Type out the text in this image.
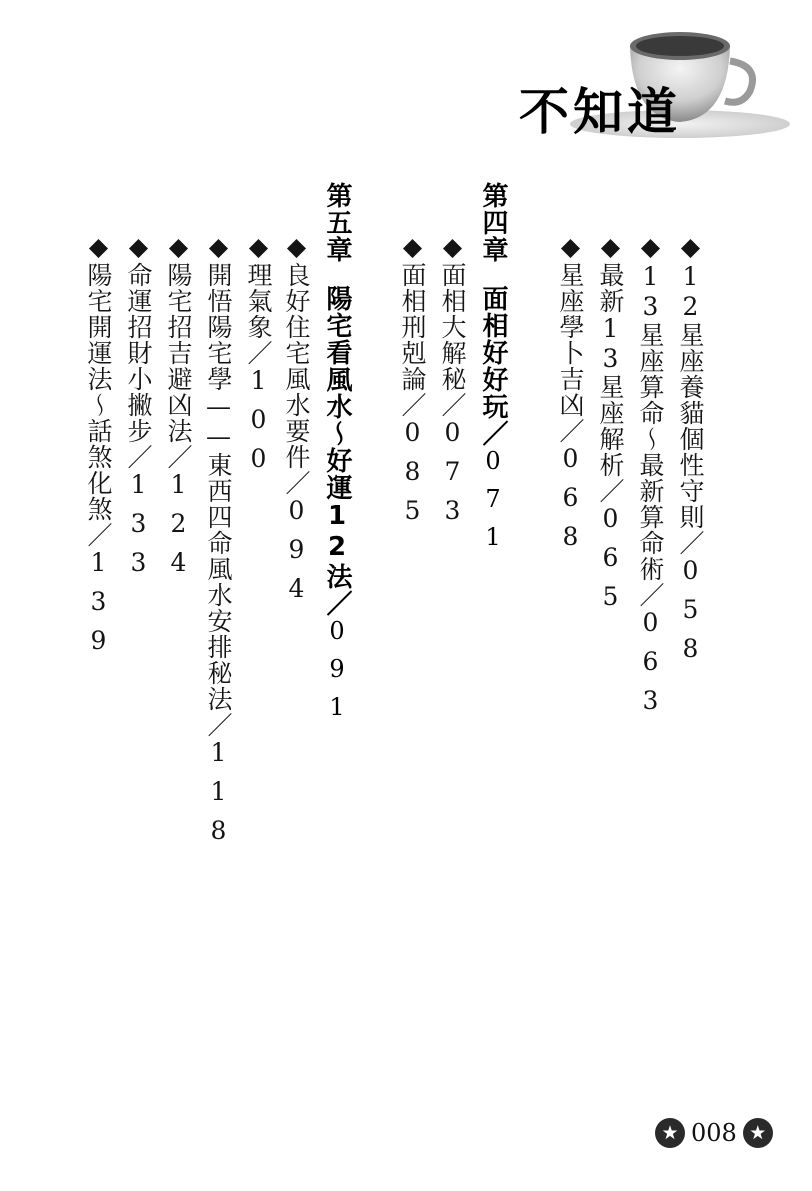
不知道
◆12星座養貓個性守則／058
◆13星座算命～最新算命術／063
◆最新13星座解析／065
◆星座學卜吉凶／068
第四章面相好好玩／071
◆面相大解秘／073
◆面相刑剋論／085
第五章陽宅看風水～好運12法／091
◆良好住宅風水要件／094
◆理氣象／100
◆開悟陽宅學——東西四命風水安排秘法／118
◆陽宅招吉避凶法／124
◆命運招財小撇步／133
◆陽宅開運法～話煞化煞／139
★ 008 ★
